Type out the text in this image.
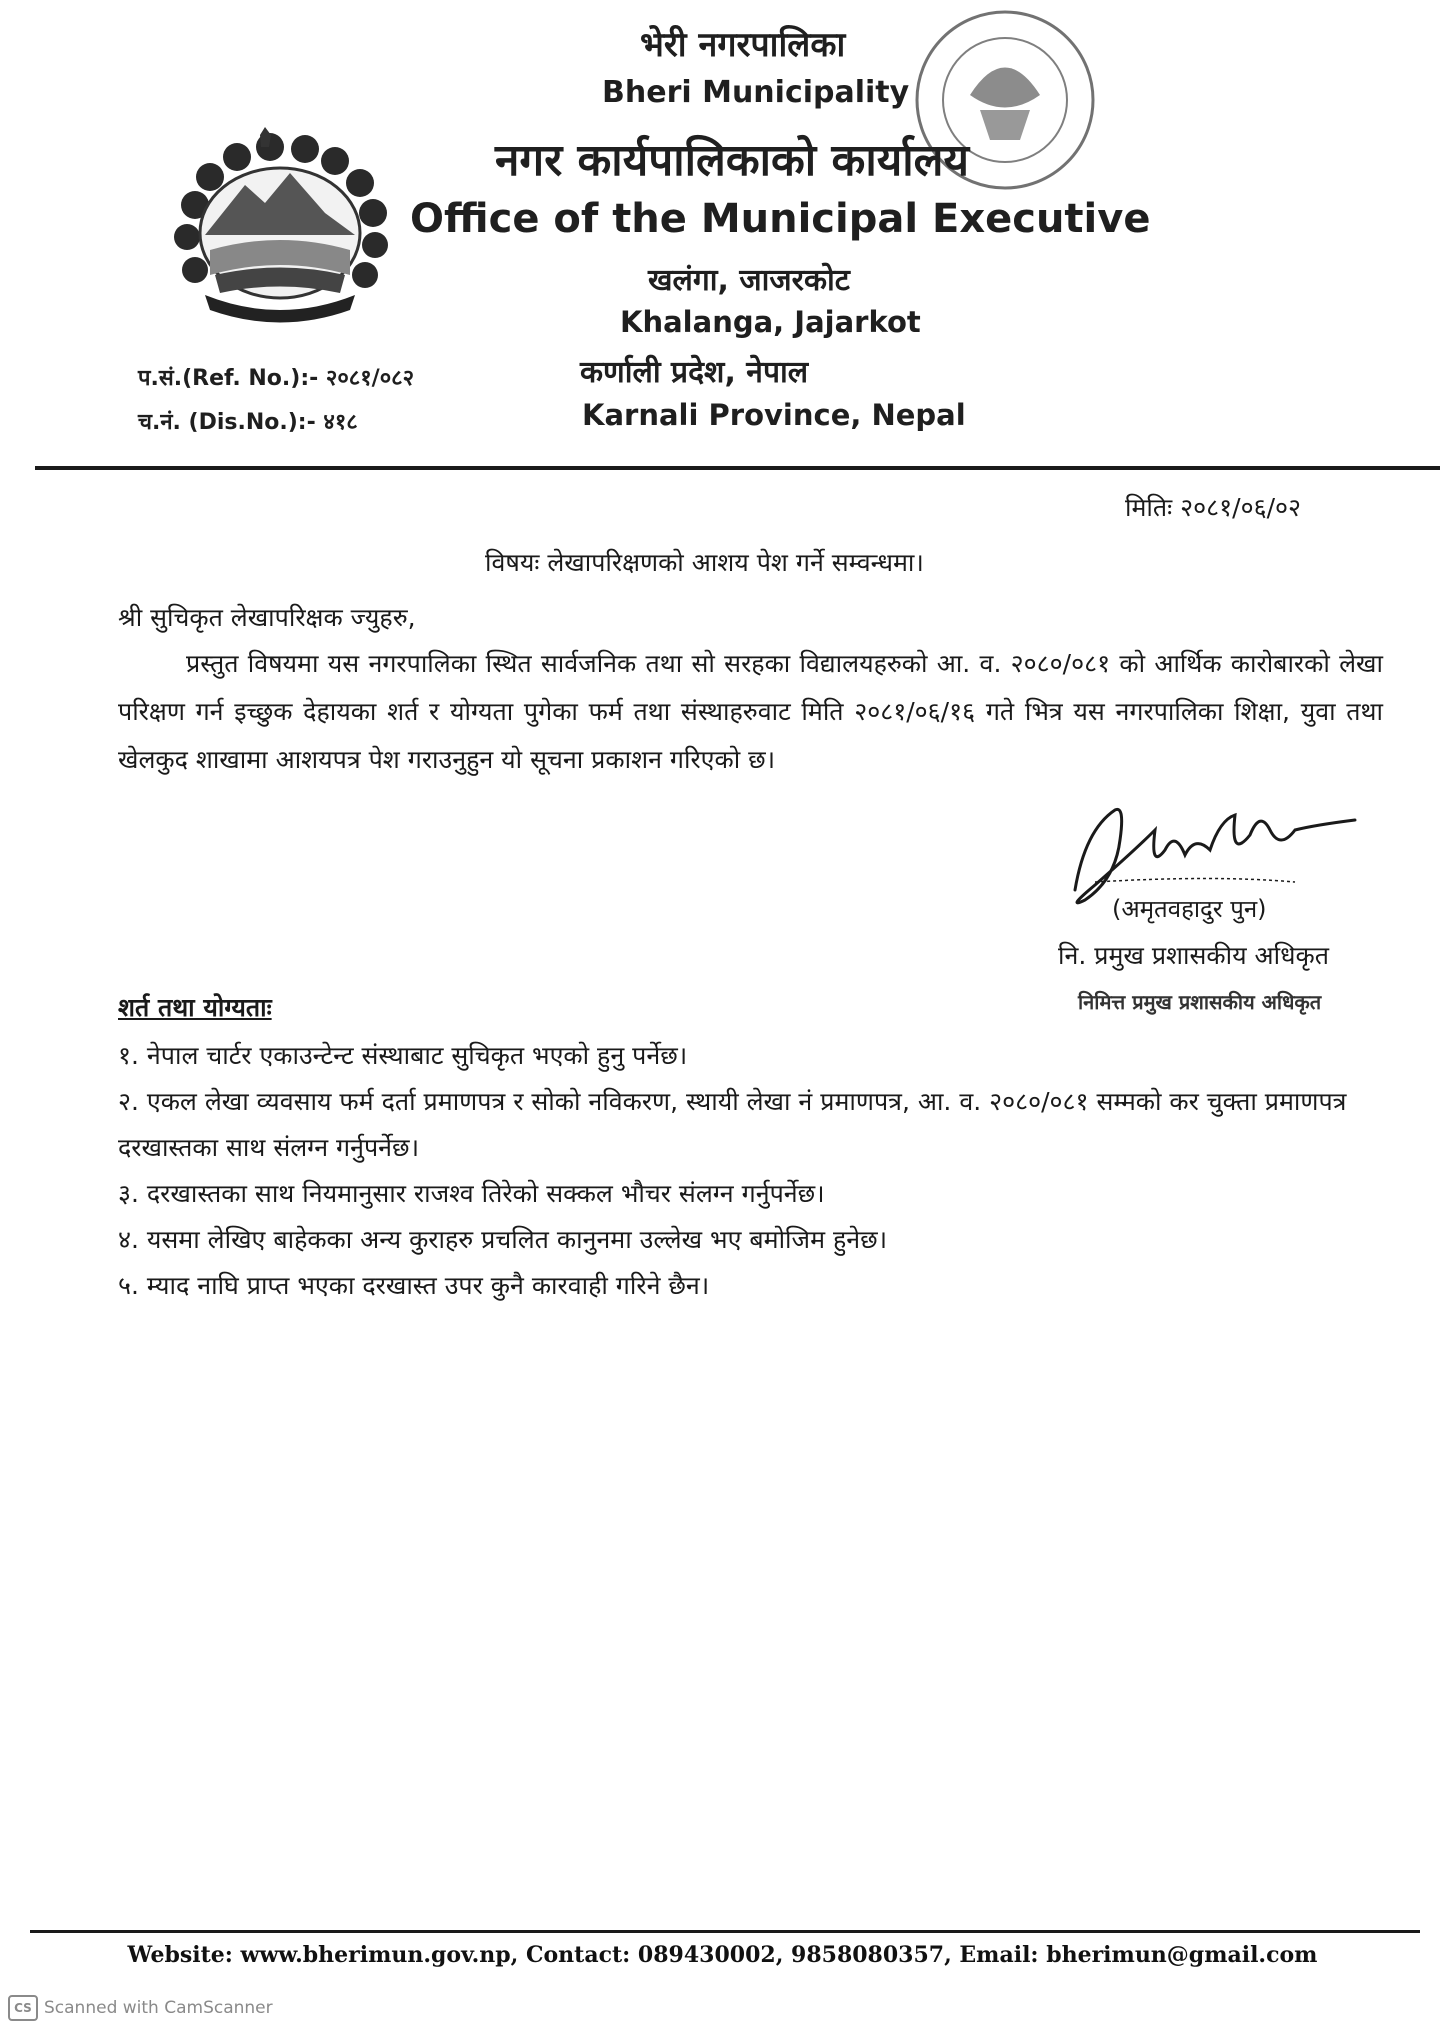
भेरी नगरपालिका
Bheri Municipality
नगर कार्यपालिकाको कार्यालय
Office of the Municipal Executive
खलंगा, जाजरकोट
Khalanga, Jajarkot
कर्णाली प्रदेश, नेपाल
Karnali Province, Nepal
प.सं.(Ref. No.):- २०८१/०८२
च.नं. (Dis.No.):- ४१८
मितिः २०८१/०६/०२
विषयः लेखापरिक्षणको आशय पेश गर्ने सम्वन्धमा।
श्री सुचिकृत लेखापरिक्षक ज्युहरु,
प्रस्तुत विषयमा यस नगरपालिका स्थित सार्वजनिक तथा सो सरहका विद्यालयहरुको आ. व. २०८०/०८१ को आर्थिक कारोबारको लेखा परिक्षण गर्न इच्छुक देहायका शर्त र योग्यता पुगेका फर्म तथा संस्थाहरुवाट मिति २०८१/०६/१६ गते भित्र यस नगरपालिका शिक्षा, युवा तथा खेलकुद शाखामा आशयपत्र पेश गराउनुहुन यो सूचना प्रकाशन गरिएको छ।
(अमृतवहादुर पुन)
नि. प्रमुख प्रशासकीय अधिकृत
निमित्त प्रमुख प्रशासकीय अधिकृत
शर्त तथा योग्यताः

१. नेपाल चार्टर एकाउन्टेन्ट संस्थाबाट सुचिकृत भएको हुनु पर्नेछ।

२. एकल लेखा व्यवसाय फर्म दर्ता प्रमाणपत्र र सोको नविकरण, स्थायी लेखा नं प्रमाणपत्र, आ. व. २०८०/०८१ सम्मको कर चुक्ता प्रमाणपत्र दरखास्तका साथ संलग्न गर्नुपर्नेछ।

३. दरखास्तका साथ नियमानुसार राजश्व तिरेको सक्कल भौचर संलग्न गर्नुपर्नेछ।

४. यसमा लेखिए बाहेकका अन्य कुराहरु प्रचलित कानुनमा उल्लेख भए बमोजिम हुनेछ।

५. म्याद नाघि प्राप्त भएका दरखास्त उपर कुनै कारवाही गरिने छैन।

Website: www.bherimun.gov.np, Contact: 089430002, 9858080357, Email: bherimun@gmail.com
CS Scanned with CamScanner
